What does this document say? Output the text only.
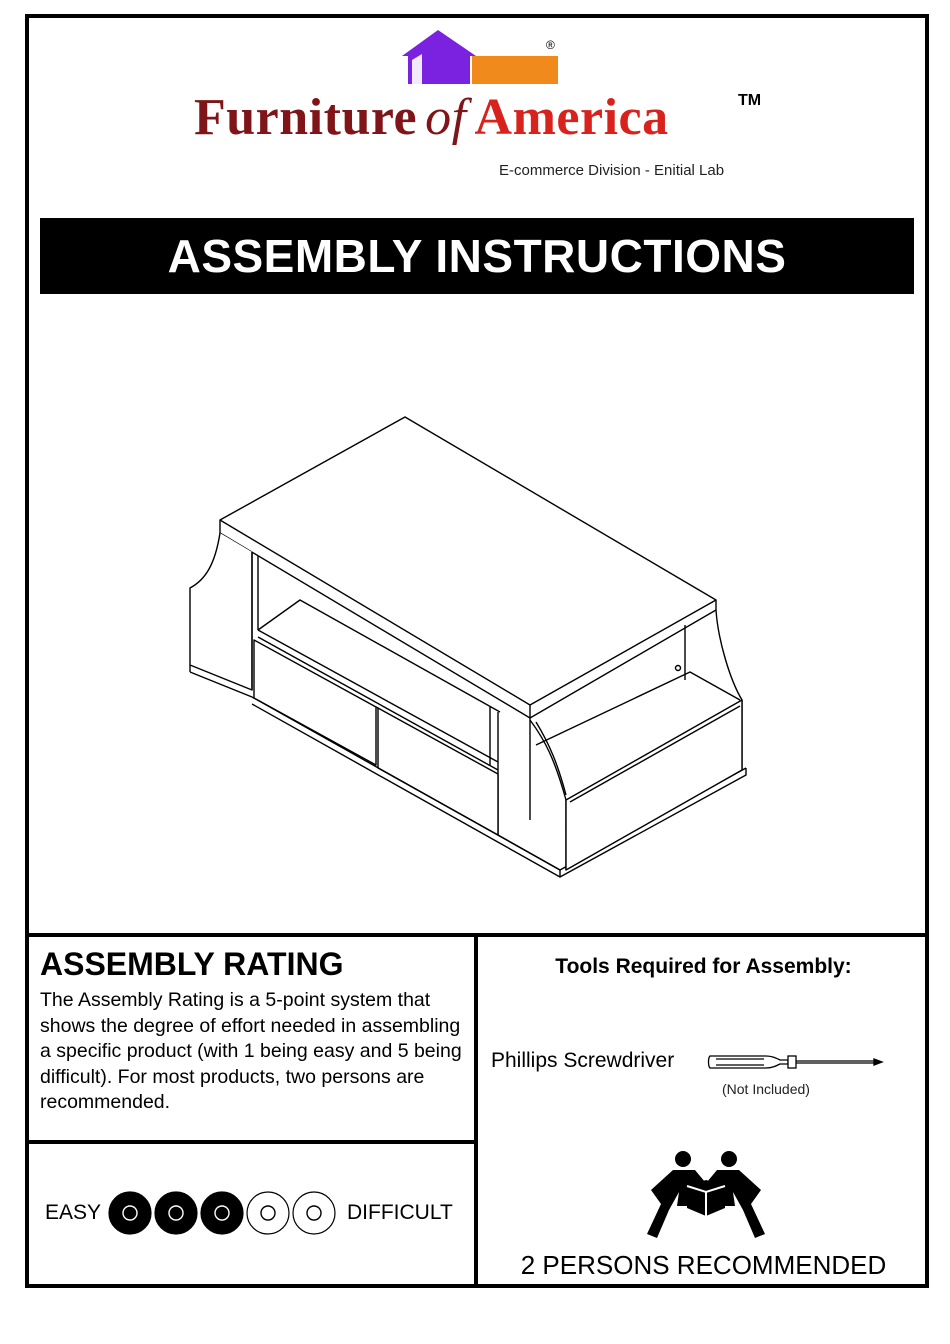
®
Furniture of America	TM
E-commerce Division - Enitial Lab
ASSEMBLY INSTRUCTIONS
ASSEMBLY RATING
The Assembly Rating is a 5-point system that shows the degree of effort needed in assembling a specific product (with 1 being easy and 5 being difficult). For most products, two persons are recommended.
EASY	DIFFICULT
Tools Required for Assembly:
Phillips Screwdriver
(Not Included)
2 PERSONS RECOMMENDED
